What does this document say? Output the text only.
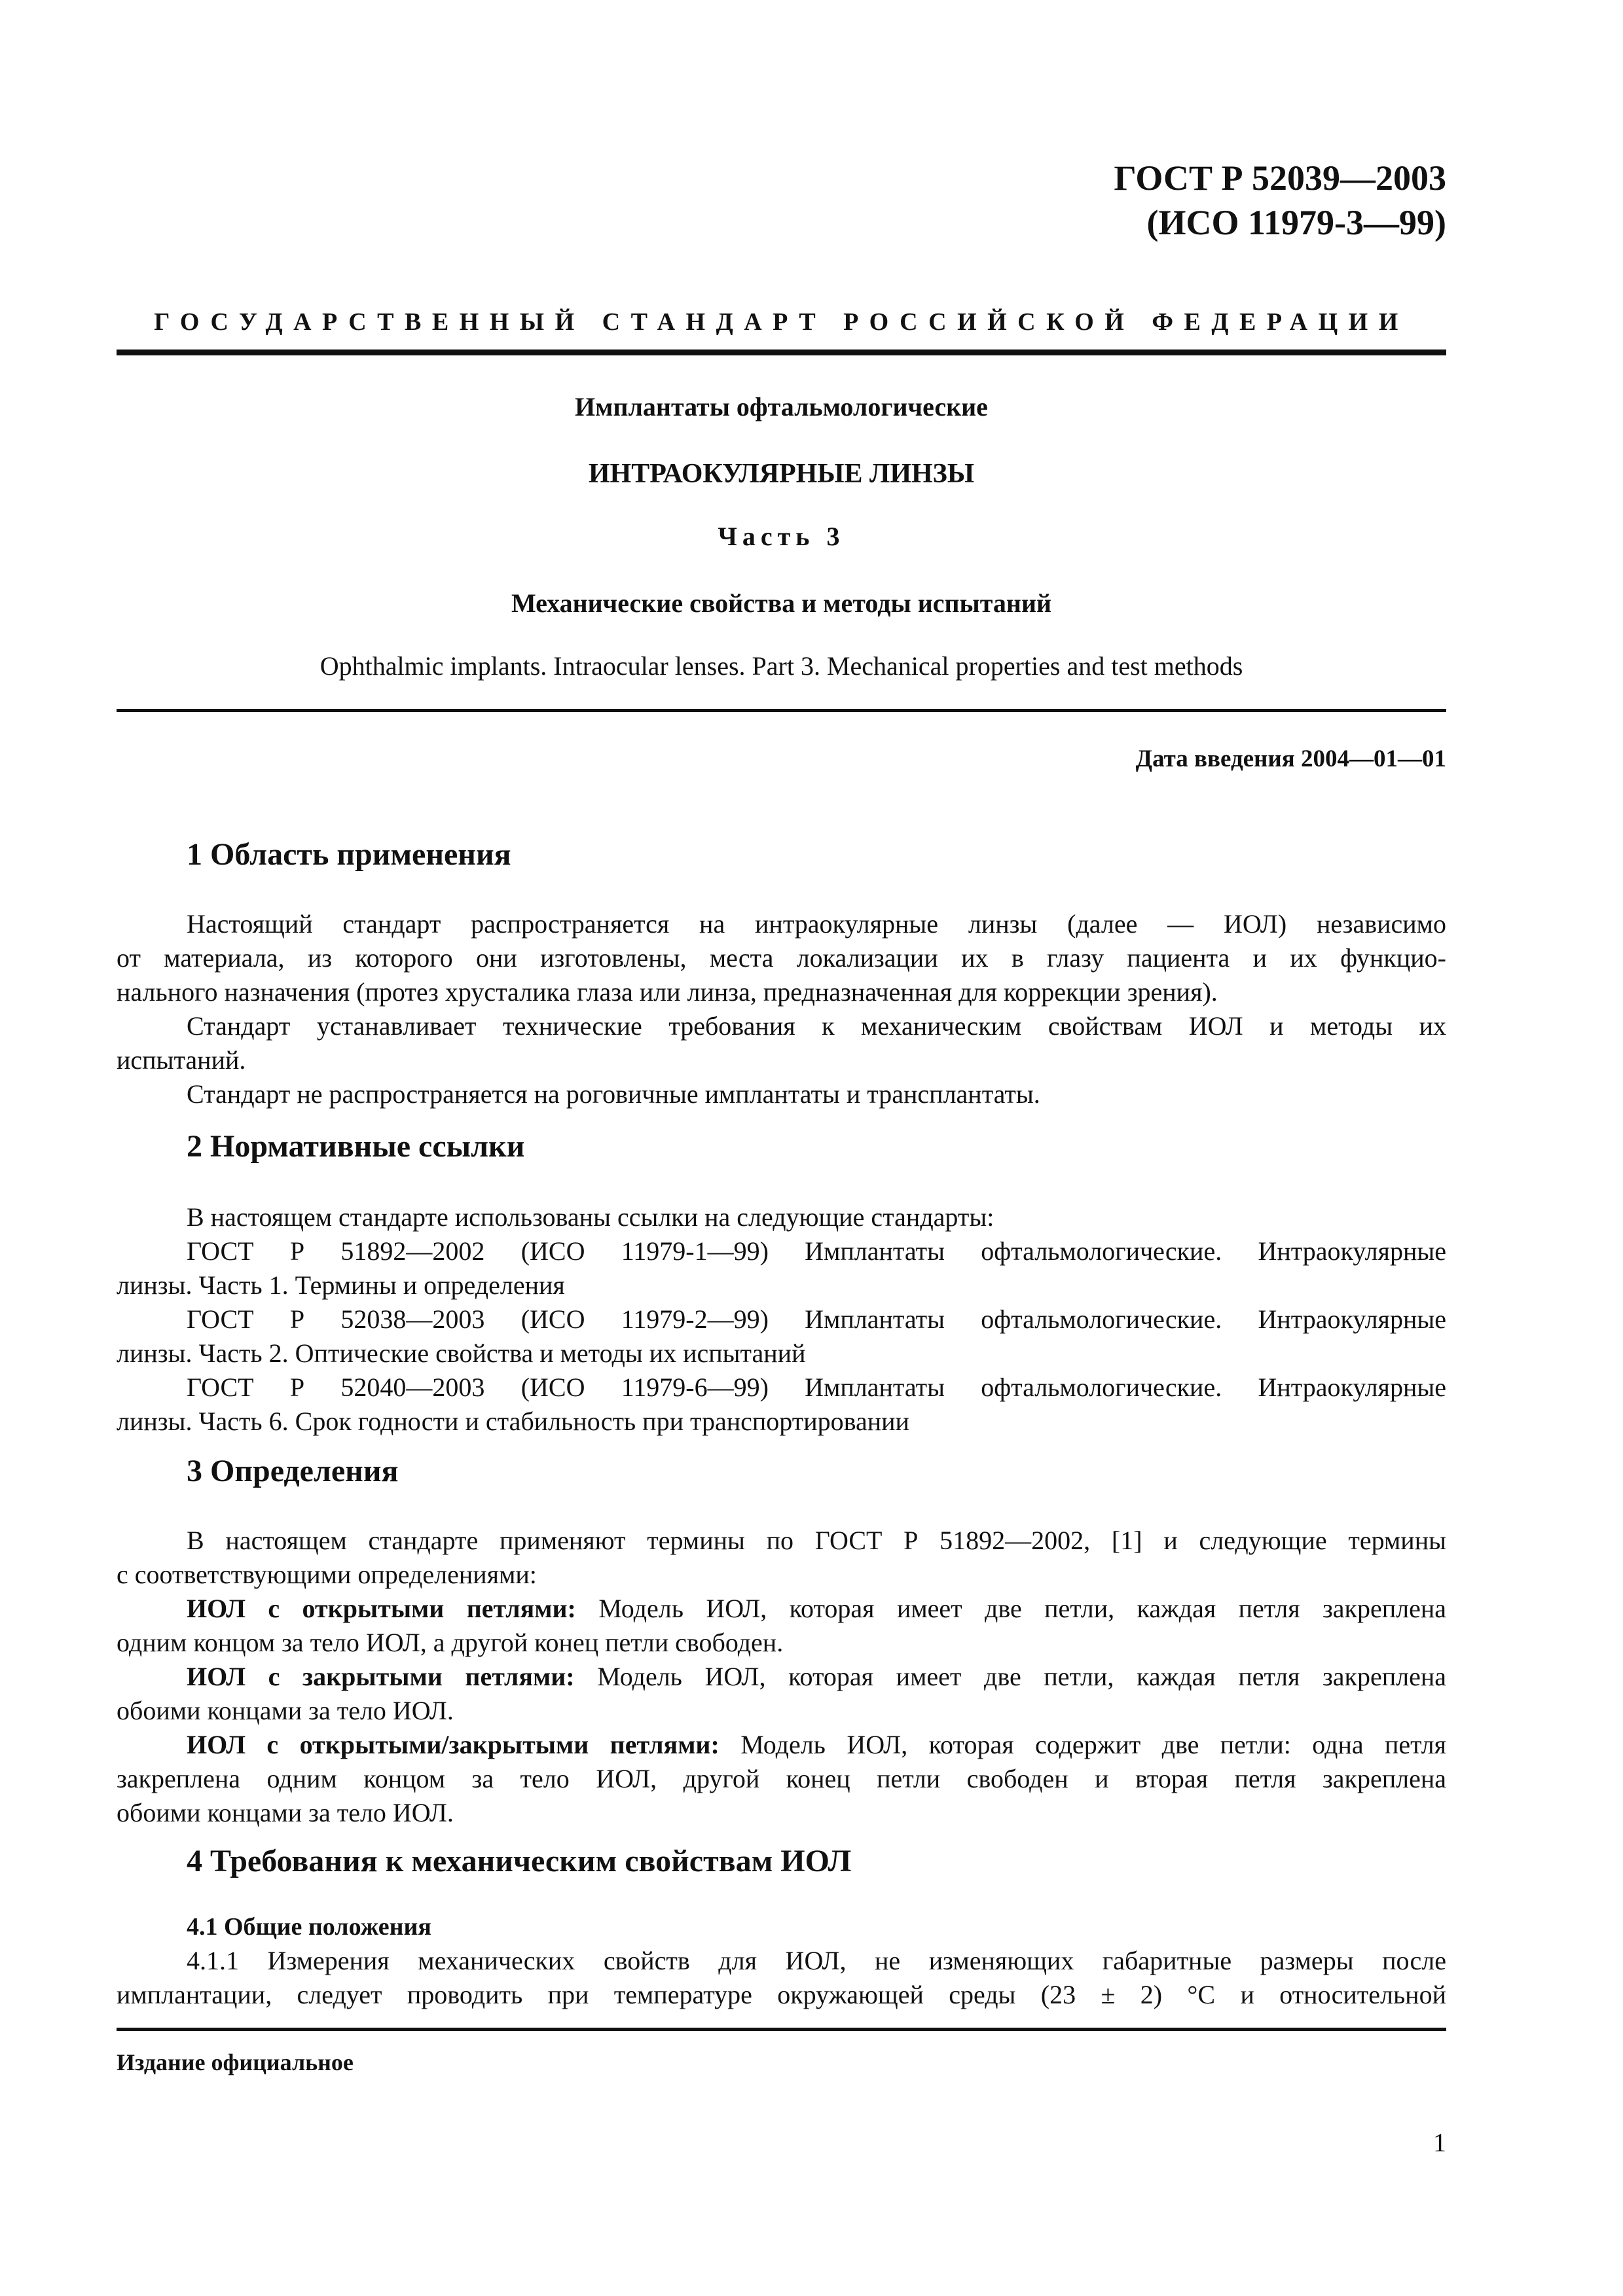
ГОСТ Р 52039—2003
(ИСО 11979-3—99)
ГОСУДАРСТВЕННЫЙ СТАНДАРТ РОССИЙСКОЙ ФЕДЕРАЦИИ
Имплантаты офтальмологические
ИНТРАОКУЛЯРНЫЕ ЛИНЗЫ
Часть 3
Механические свойства и методы испытаний
Ophthalmic implants. Intraocular lenses. Part 3. Mechanical properties and test methods
Дата введения 2004—01—01
1 Область применения
Настоящий стандарт распространяется на интраокулярные линзы (далее — ИОЛ) независимо
от материала, из которого они изготовлены, места локализации их в глазу пациента и их функцио-
нального назначения (протез хрусталика глаза или линза, предназначенная для коррекции зрения).
Стандарт устанавливает технические требования к механическим свойствам ИОЛ и методы их
испытаний.
Стандарт не распространяется на роговичные имплантаты и трансплантаты.
2 Нормативные ссылки
В настоящем стандарте использованы ссылки на следующие стандарты:
ГОСТ Р 51892—2002 (ИСО 11979-1—99) Имплантаты офтальмологические. Интраокулярные
линзы. Часть 1. Термины и определения
ГОСТ Р 52038—2003 (ИСО 11979-2—99) Имплантаты офтальмологические. Интраокулярные
линзы. Часть 2. Оптические свойства и методы их испытаний
ГОСТ Р 52040—2003 (ИСО 11979-6—99) Имплантаты офтальмологические. Интраокулярные
линзы. Часть 6. Срок годности и стабильность при транспортировании
3 Определения
В настоящем стандарте применяют термины по ГОСТ Р 51892—2002, [1] и следующие термины
с соответствующими определениями:
ИОЛ с открытыми петлями: Модель ИОЛ, которая имеет две петли, каждая петля закреплена
одним концом за тело ИОЛ, а другой конец петли свободен.
ИОЛ с закрытыми петлями: Модель ИОЛ, которая имеет две петли, каждая петля закреплена
обоими концами за тело ИОЛ.
ИОЛ с открытыми/закрытыми петлями: Модель ИОЛ, которая содержит две петли: одна петля
закреплена одним концом за тело ИОЛ, другой конец петли свободен и вторая петля закреплена
обоими концами за тело ИОЛ.
4 Требования к механическим свойствам ИОЛ
4.1 Общие положения
4.1.1 Измерения механических свойств для ИОЛ, не изменяющих габаритные размеры после
имплантации, следует проводить при температуре окружающей среды (23 ± 2) °С и относительной
Издание официальное
1
